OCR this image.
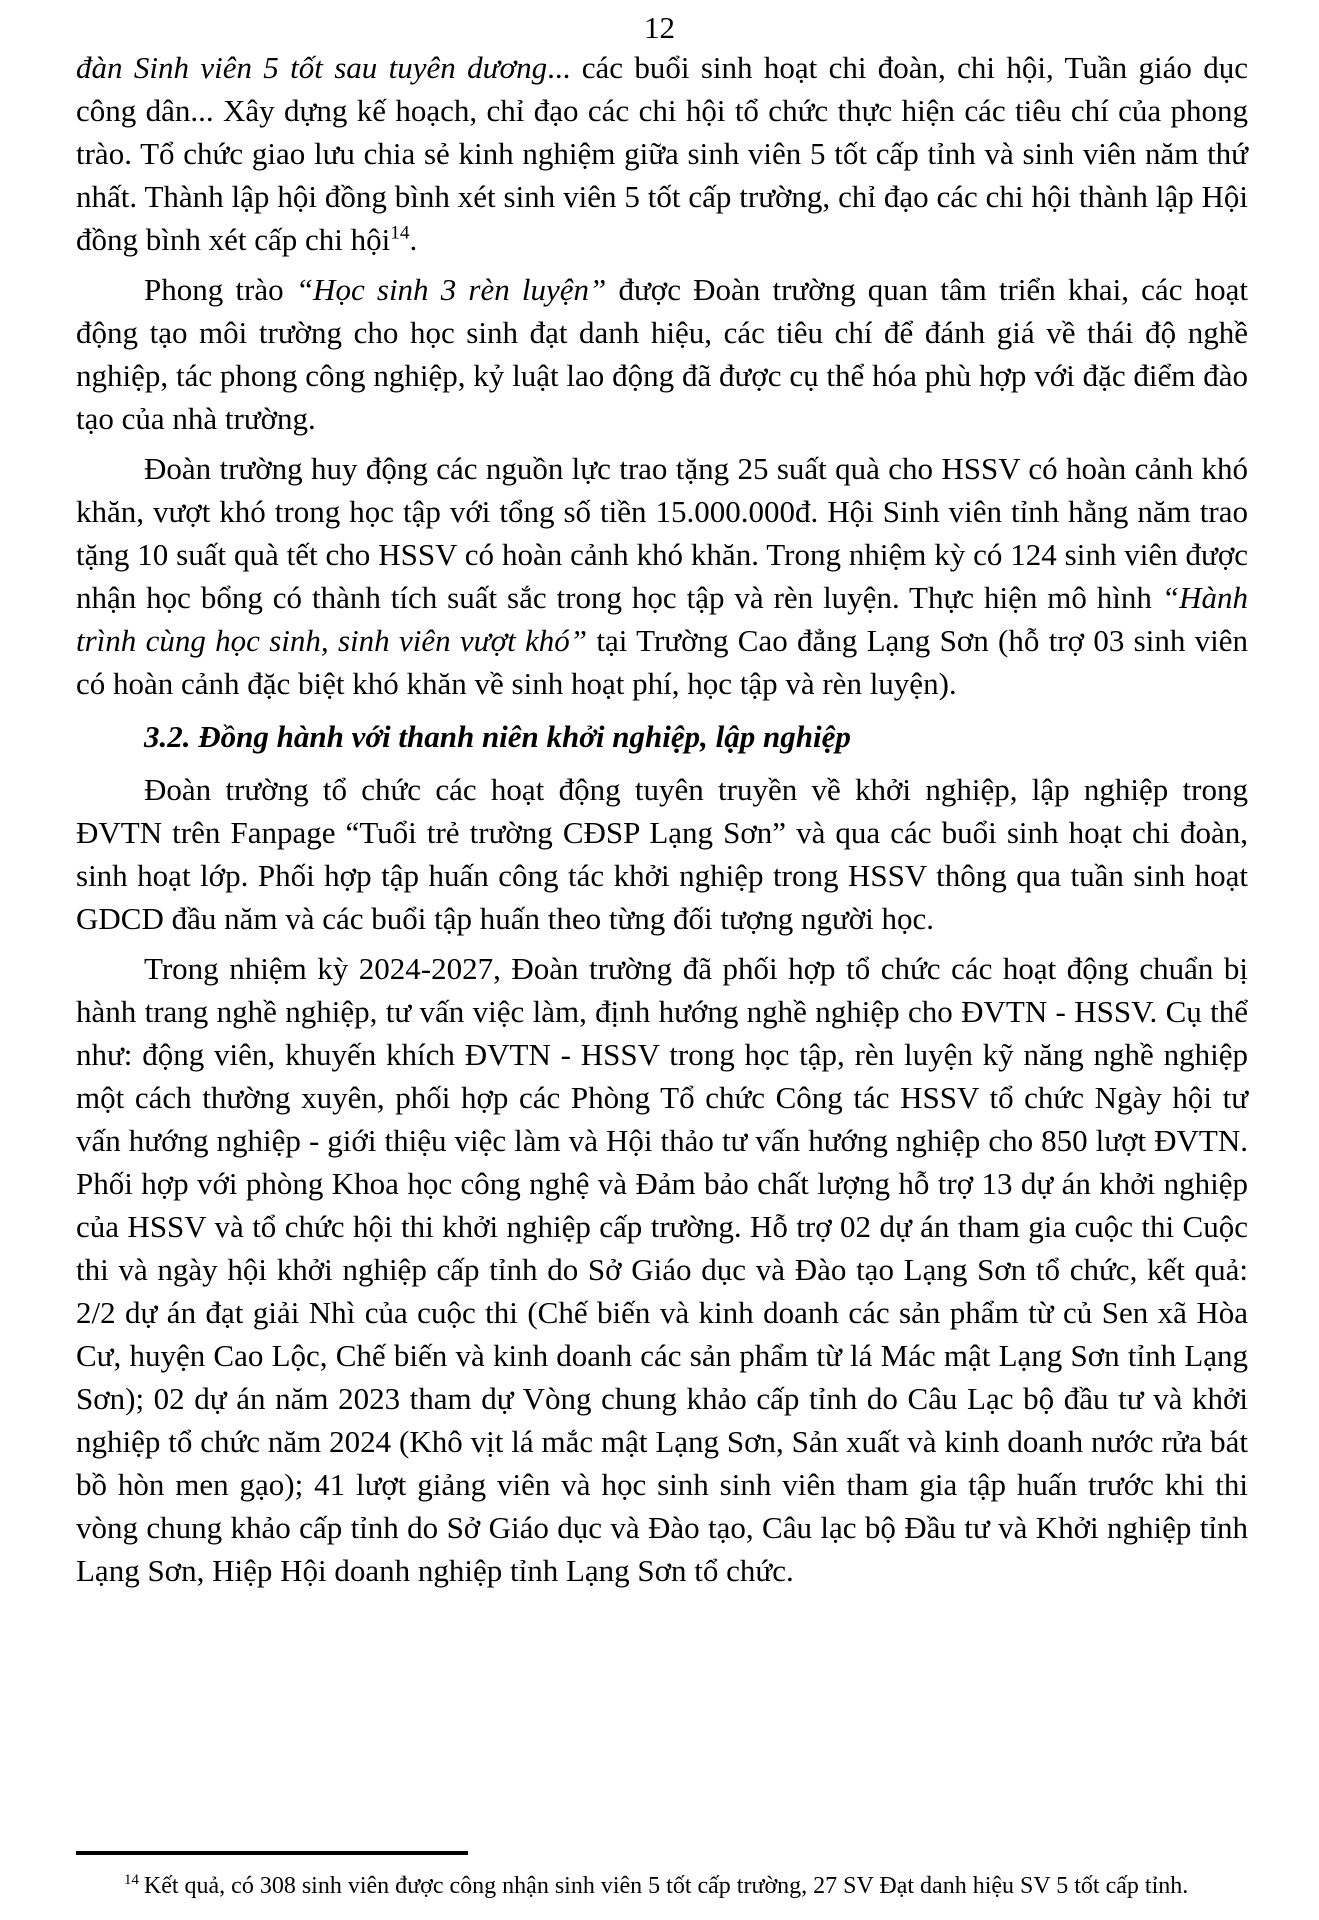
12

đàn Sinh viên 5 tốt sau tuyên dương... các buổi sinh hoạt chi đoàn, chi hội, Tuần giáo dục công dân... Xây dựng kế hoạch, chỉ đạo các chi hội tổ chức thực hiện các tiêu chí của phong trào. Tổ chức giao lưu chia sẻ kinh nghiệm giữa sinh viên 5 tốt cấp tỉnh và sinh viên năm thứ nhất. Thành lập hội đồng bình xét sinh viên 5 tốt cấp trường, chỉ đạo các chi hội thành lập Hội đồng bình xét cấp chi hội$^{14}$.

Phong trào “Học sinh 3 rèn luyện” được Đoàn trường quan tâm triển khai, các hoạt động tạo môi trường cho học sinh đạt danh hiệu, các tiêu chí để đánh giá về thái độ nghề nghiệp, tác phong công nghiệp, kỷ luật lao động đã được cụ thể hóa phù hợp với đặc điểm đào tạo của nhà trường.

Đoàn trường huy động các nguồn lực trao tặng 25 suất quà cho HSSV có hoàn cảnh khó khăn, vượt khó trong học tập với tổng số tiền 15.000.000đ. Hội Sinh viên tỉnh hằng năm trao tặng 10 suất quà tết cho HSSV có hoàn cảnh khó khăn. Trong nhiệm kỳ có 124 sinh viên được nhận học bổng có thành tích suất sắc trong học tập và rèn luyện. Thực hiện mô hình “Hành trình cùng học sinh, sinh viên vượt khó” tại Trường Cao đẳng Lạng Sơn (hỗ trợ 03 sinh viên có hoàn cảnh đặc biệt khó khăn về sinh hoạt phí, học tập và rèn luyện).

3.2. Đồng hành với thanh niên khởi nghiệp, lập nghiệp

Đoàn trường tổ chức các hoạt động tuyên truyền về khởi nghiệp, lập nghiệp trong ĐVTN trên Fanpage “Tuổi trẻ trường CĐSP Lạng Sơn” và qua các buổi sinh hoạt chi đoàn, sinh hoạt lớp. Phối hợp tập huấn công tác khởi nghiệp trong HSSV thông qua tuần sinh hoạt GDCD đầu năm và các buổi tập huấn theo từng đối tượng người học.

Trong nhiệm kỳ 2024-2027, Đoàn trường đã phối hợp tổ chức các hoạt động chuẩn bị hành trang nghề nghiệp, tư vấn việc làm, định hướng nghề nghiệp cho ĐVTN - HSSV. Cụ thể như: động viên, khuyến khích ĐVTN - HSSV trong học tập, rèn luyện kỹ năng nghề nghiệp một cách thường xuyên, phối hợp các Phòng Tổ chức Công tác HSSV tổ chức Ngày hội tư vấn hướng nghiệp - giới thiệu việc làm và Hội thảo tư vấn hướng nghiệp cho 850 lượt ĐVTN. Phối hợp với phòng Khoa học công nghệ và Đảm bảo chất lượng hỗ trợ 13 dự án khởi nghiệp của HSSV và tổ chức hội thi khởi nghiệp cấp trường. Hỗ trợ 02 dự án tham gia cuộc thi Cuộc thi và ngày hội khởi nghiệp cấp tỉnh do Sở Giáo dục và Đào tạo Lạng Sơn tổ chức, kết quả: 2/2 dự án đạt giải Nhì của cuộc thi (Chế biến và kinh doanh các sản phẩm từ củ Sen xã Hòa Cư, huyện Cao Lộc, Chế biến và kinh doanh các sản phẩm từ lá Mác mật Lạng Sơn tỉnh Lạng Sơn); 02 dự án năm 2023 tham dự Vòng chung khảo cấp tỉnh do Câu Lạc bộ đầu tư và khởi nghiệp tổ chức năm 2024 (Khô vịt lá mắc mật Lạng Sơn, Sản xuất và kinh doanh nước rửa bát bồ hòn men gạo); 41 lượt giảng viên và học sinh sinh viên tham gia tập huấn trước khi thi vòng chung khảo cấp tỉnh do Sở Giáo dục và Đào tạo, Câu lạc bộ Đầu tư và Khởi nghiệp tỉnh Lạng Sơn, Hiệp Hội doanh nghiệp tỉnh Lạng Sơn tổ chức.

$^{14}$ Kết quả, có 308 sinh viên được công nhận sinh viên 5 tốt cấp trường, 27 SV Đạt danh hiệu SV 5 tốt cấp tỉnh.
